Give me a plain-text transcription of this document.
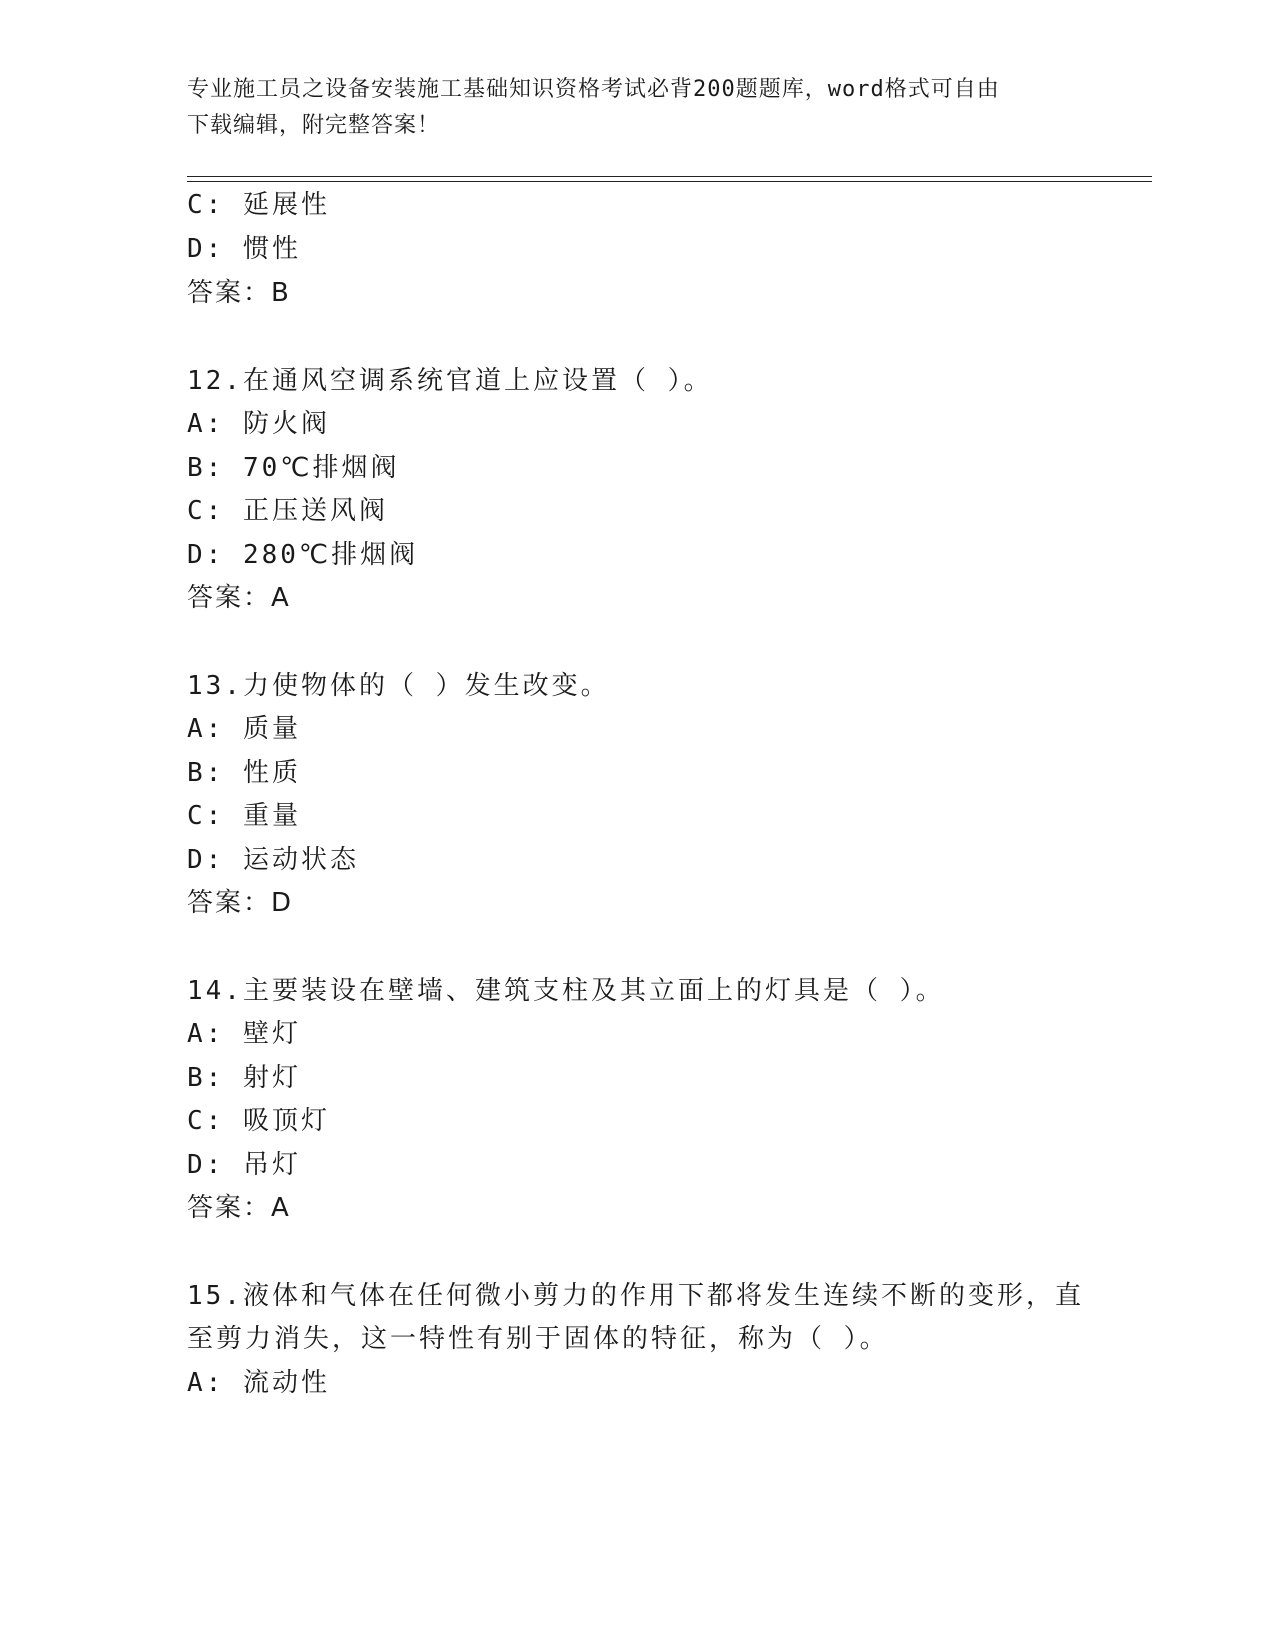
专业施工员之设备安装施工基础知识资格考试必背200题题库，word格式可自由
下载编辑，附完整答案！
C: 延展性
D: 惯性
答案：B
12.在通风空调系统官道上应设置（ ）。
A: 防火阀
B: 70℃排烟阀
C: 正压送风阀
D: 280℃排烟阀
答案：A
13.力使物体的（ ）发生改变。
A: 质量
B: 性质
C: 重量
D: 运动状态
答案：D
14.主要装设在壁墙、建筑支柱及其立面上的灯具是（ ）。
A: 壁灯
B: 射灯
C: 吸顶灯
D: 吊灯
答案：A
15.液体和气体在任何微小剪力的作用下都将发生连续不断的变形，直
至剪力消失，这一特性有别于固体的特征，称为（ ）。
A: 流动性
